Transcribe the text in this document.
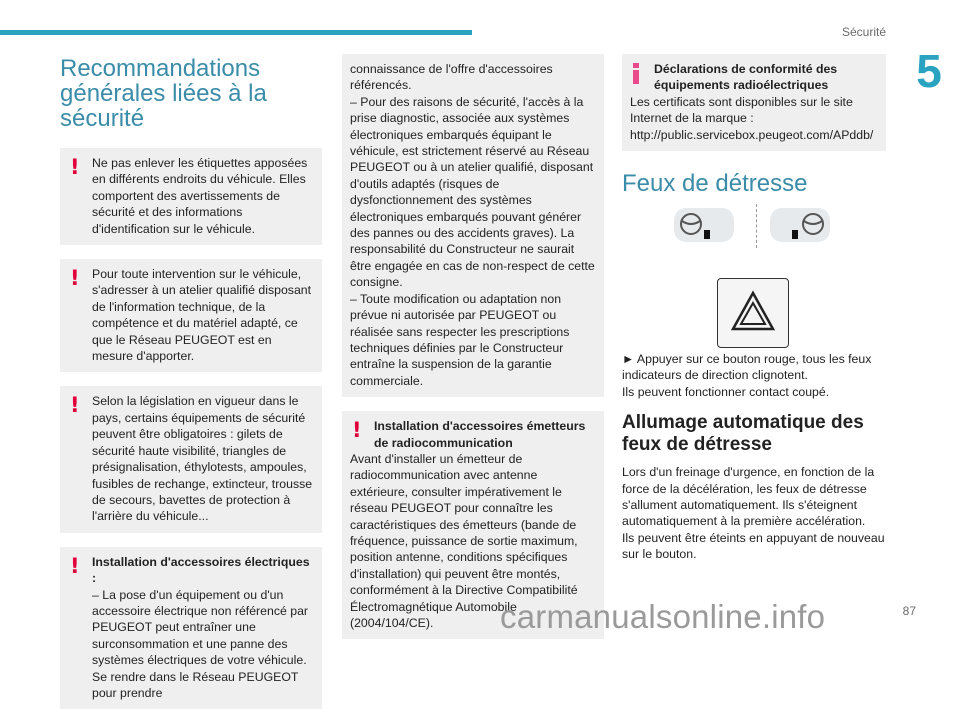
Sécurité
5
Recommandations générales liées à la sécurité
!	Ne pas enlever les étiquettes apposées en différents endroits du véhicule. Elles comportent des avertissements de sécurité et des informations d'identification sur le véhicule.

!	Pour toute intervention sur le véhicule, s'adresser à un atelier qualifié disposant de l'information technique, de la compétence et du matériel adapté, ce que le Réseau PEUGEOT est en mesure d'apporter.

!	Selon la législation en vigueur dans le pays, certains équipements de sécurité peuvent être obligatoires : gilets de sécurité haute visibilité, triangles de présignalisation, éthylotests, ampoules, fusibles de rechange, extincteur, trousse de secours, bavettes de protection à l'arrière du véhicule...

!	Installation d'accessoires électriques :

– La pose d'un équipement ou d'un accessoire électrique non référencé par PEUGEOT peut entraîner une surconsommation et une panne des systèmes électriques de votre véhicule. Se rendre dans le Réseau PEUGEOT pour prendre

connaissance de l'offre d'accessoires référencés.
– Pour des raisons de sécurité, l'accès à la prise diagnostic, associée aux systèmes électroniques embarqués équipant le véhicule, est strictement réservé au Réseau PEUGEOT ou à un atelier qualifié, disposant d'outils adaptés (risques de dysfonctionnement des systèmes électroniques embarqués pouvant générer des pannes ou des accidents graves). La responsabilité du Constructeur ne saurait être engagée en cas de non-respect de cette consigne.
– Toute modification ou adaptation non prévue ni autorisée par PEUGEOT ou réalisée sans respecter les prescriptions techniques définies par le Constructeur entraîne la suspension de la garantie commerciale.

!	Installation d'accessoires émetteurs de radiocommunication

Avant d'installer un émetteur de radiocommunication avec antenne extérieure, consulter impérativement le réseau PEUGEOT pour connaître les caractéristiques des émetteurs (bande de fréquence, puissance de sortie maximum, position antenne, conditions spécifiques d'installation) qui peuvent être montés, conformément à la Directive Compatibilité Électromagnétique Automobile (2004/104/CE).

Déclarations de conformité des équipements radioélectriques

Les certificats sont disponibles sur le site Internet de la marque :
http://public.servicebox.peugeot.com/APddb/

Feux de détresse

► Appuyer sur ce bouton rouge, tous les feux indicateurs de direction clignotent.
Ils peuvent fonctionner contact coupé.

Allumage automatique des feux de détresse

Lors d'un freinage d'urgence, en fonction de la force de la décélération, les feux de détresse s'allument automatiquement. Ils s'éteignent automatiquement à la première accélération.
Ils peuvent être éteints en appuyant de nouveau sur le bouton.

carmanualsonline.info	87
